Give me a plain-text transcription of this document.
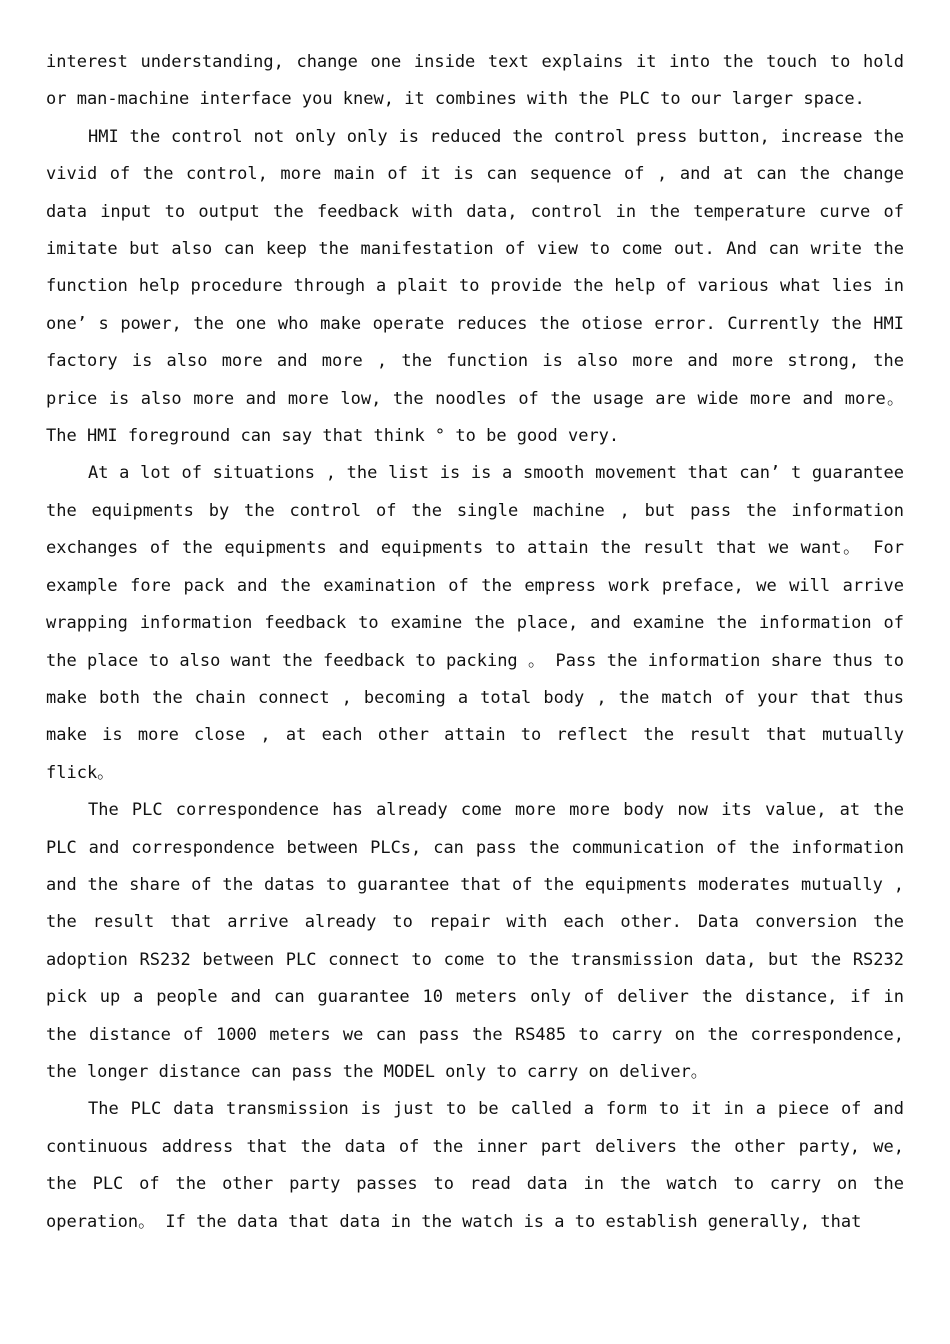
interest understanding, change one inside text explains it into the touch to hold or man-machine interface you knew, it combines with the PLC to our larger space.

HMI the control not only only is reduced the control press button, increase the vivid of the control, more main of it is can sequence of , and at can the change data input to output the feedback with data, control in the temperature curve of imitate but also can keep the manifestation of view to come out. And can write the function help procedure through a plait to provide the help of various what lies in one’ s power, the one who make operate reduces the otiose error. Currently the HMI factory is also more and more , the function is also more and more strong, the price is also more and more low, the noodles of the usage are wide more and more。 The HMI foreground can say that think ° to be good very.

At a lot of situations , the list is is a smooth movement that can’ t guarantee the equipments by the control of the single machine , but pass the information exchanges of the equipments and equipments to attain the result that we want。 For example fore pack and the examination of the empress work preface, we will arrive wrapping information feedback to examine the place, and examine the information of the place to also want the feedback to packing 。 Pass the information share thus to make both the chain connect , becoming a total body , the match of your that thus make is more close , at each other attain to reflect the result that mutually flick。

The PLC correspondence has already come more more body now its value, at the PLC and correspondence between PLCs, can pass the communication of the information and the share of the datas to guarantee that of the equipments moderates mutually , the result that arrive already to repair with each other. Data conversion the adoption RS232 between PLC connect to come to the transmission data, but the RS232 pick up a people and can guarantee 10 meters only of deliver the distance, if in the distance of 1000 meters we can pass the RS485 to carry on the correspondence, the longer distance can pass the MODEL only to carry on deliver。

The PLC data transmission is just to be called a form to it in a piece of and continuous address that the data of the inner part delivers the other party, we, the PLC of the other party passes to read data in the watch to carry on the operation。 If the data that data in the watch is a to establish generally, that
